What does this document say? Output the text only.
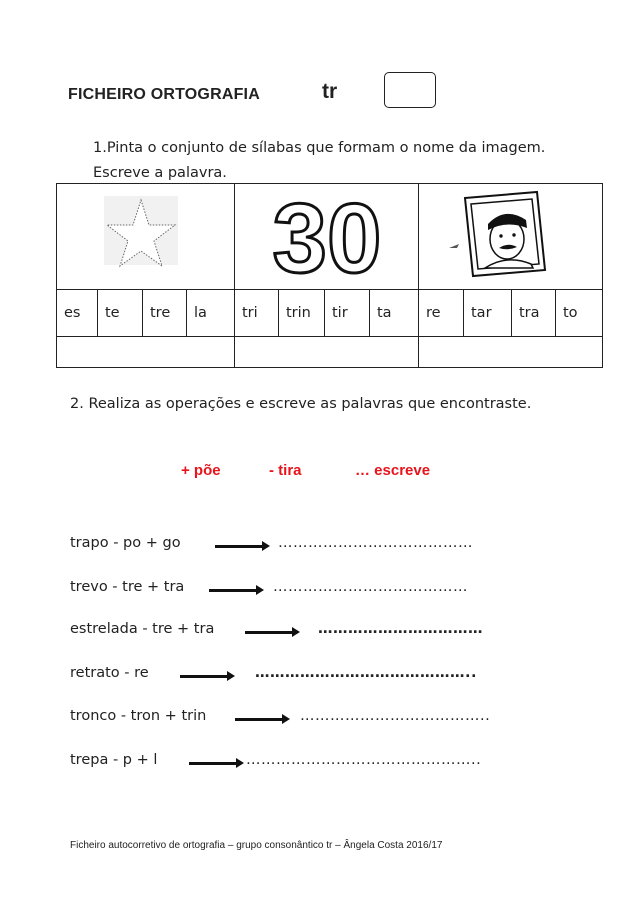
FICHEIRO ORTOGRAFIA	tr
1.Pinta o conjunto de sílabas que formam o nome da imagem. Escreve a palavra.

30

es	te	tre	la	tri	trin	tir	ta	re	tar	tra	to

2. Realiza as operações e escreve as palavras que encontraste.
+ põe	- tira	… escreve
trapo - po + go	…………………………………
trevo - tre + tra	…………………………………
estrelada - tre + tra	……………………………
retrato - re	……………………………………..
tronco - tron + trin	………………………………..
trepa - p + l	………………………………………..
Ficheiro autocorretivo de ortografia – grupo consonântico tr – Ângela Costa 2016/17
